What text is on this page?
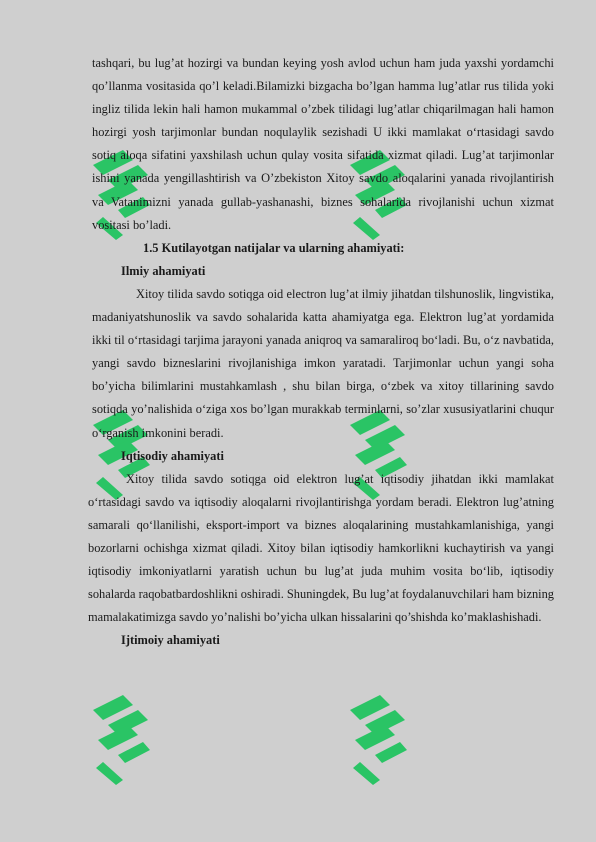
tashqari, bu lug’at hozirgi va bundan keying yosh avlod uchun ham juda yaxshi yordamchi qo’llanma vositasida qo’l keladi.Bilamizki bizgacha bo’lgan hamma lug’atlar rus tilida yoki ingliz tilida lekin hali hamon mukammal o’zbek tilidagi lug’atlar chiqarilmagan hali hamon hozirgi yosh tarjimonlar bundan noqulaylik sezishadi U ikki mamlakat o‘rtasidagi savdo sotiq aloqa sifatini yaxshilash uchun qulay vosita sifatida xizmat qiladi. Lug’at tarjimonlar ishini yanada yengillashtirish va O’zbekiston Xitoy savdo aloqalarini yanada rivojlantirish va Vatanimizni yanada gullab-yashanashi, biznes sohalarida rivojlanishi uchun xizmat vositasi bo’ladi.

1.5 Kutilayotgan natijalar va ularning ahamiyati:

Ilmiy ahamiyati

Xitoy tilida savdo sotiqga oid electron lug’at ilmiy jihatdan tilshunoslik, lingvistika, madaniyatshunoslik va savdo sohalarida katta ahamiyatga ega. Elektron lug’at yordamida ikki til o‘rtasidagi tarjima jarayoni yanada aniqroq va samaraliroq bo‘ladi. Bu, o‘z navbatida, yangi savdo bizneslarini rivojlanishiga imkon yaratadi. Tarjimonlar uchun yangi soha bo’yicha bilimlarini mustahkamlash , shu bilan birga, o‘zbek va xitoy tillarining savdo sotiqda yo’nalishida o‘ziga xos bo’lgan murakkab terminlarni, so’zlar xususiyatlarini chuqur o‘rganish imkonini beradi.

Iqtisodiy ahamiyati

Xitoy tilida savdo sotiqga oid elektron lug’at iqtisodiy jihatdan ikki mamlakat o‘rtasidagi savdo va iqtisodiy aloqalarni rivojlantirishga yordam beradi. Elektron lug’atning samarali qo‘llanilishi, eksport-import va biznes aloqalarining mustahkamlanishiga, yangi bozorlarni ochishga xizmat qiladi. Xitoy bilan iqtisodiy hamkorlikni kuchaytirish va yangi iqtisodiy imkoniyatlarni yaratish uchun bu lug’at juda muhim vosita bo‘lib, iqtisodiy sohalarda raqobatbardoshlikni oshiradi. Shuningdek, Bu lug’at foydalanuvchilari ham bizning mamalakatimizga savdo yo’nalishi bo’yicha ulkan hissalarini qo’shishda ko’maklashishadi.

Ijtimoiy ahamiyati
